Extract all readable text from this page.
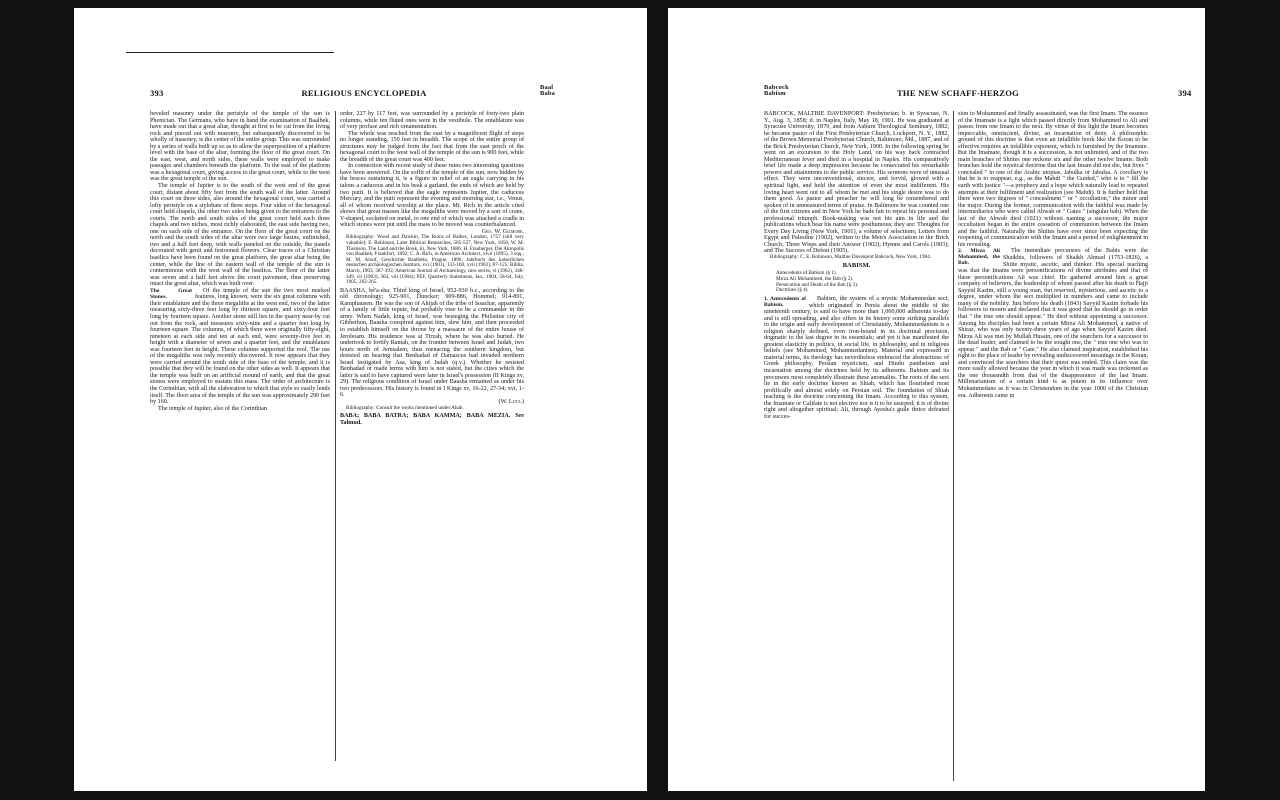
393	RELIGIOUS ENCYCLOPEDIA
Baal
Baba

beveled masonry under the peristyle of the temple of the sun is Phenician. The Germans, who have in hand the examination of Baalbek, have made out that a great altar, thought at first to be cut from the living rock and pieced out with masonry, but subsequently discovered to be wholly of masonry, is the center of the entire group. This was surrounded by a series of walls built up so as to allow the superposition of a platform level with the base of the altar, forming the floor of the great court. On the east, west, and north sides, these walls were employed to make passages and chambers beneath the platform. To the east of the platform was a hexagonal court, giving access to the great court, while to the west was the great temple of the sun.

The temple of Jupiter is to the south of the west end of the great court, distant about fifty feet from the south wall of the latter. Around this court on three sides, also around the hexagonal court, was carried a lofty peristyle on a stylobate of three steps. Four sides of the hexagonal court held chapels, the other two sides being given to the entrances to the courts. The north and south sides of the great court held each three chapels and two niches, most richly elaborated, the east side having two, one on each side of the entrance. On the floor of the great court on the north and the south sides of the altar were two large basins, unfinished, two and a half feet deep, with walls paneled on the outside, the panels decorated with genii and festooned flowers. Clear traces of a Christian basilica have been found on the great platform, the great altar being the center, while the line of the eastern wall of the temple of the sun is conterminous with the west wall of the basilica. The floor of the latter was seven and a half feet above the court pavement, thus preserving intact the great altar, which was built over.

The Great Stones.
Of the temple of the sun the two most marked features, long known, were the six great columns with their entablature and the three megaliths at the west end, two of the latter measuring sixty-three feet long by thirteen square, and sixty-four feet long by fourteen square. Another stone still lies in the quarry near-by cut out from the rock, and measures sixty-nine and a quarter feet long by fourteen square. The columns, of which there were originally fifty-eight, nineteen at each side and ten at each end, were seventy-five feet in height with a diameter of seven and a quarter feet, and the entablature was fourteen feet in height. These columns supported the roof. The use of the megaliths was only recently discovered. It now appears that they were carried around the south side of the base of the temple, and it is possible that they will be found on the other sides as well. It appears that the temple was built on an artificial mound of earth, and that the great stones were employed to sustain this mass. The order of architecture is the Corinthian, with all the elaboration to which that style so easily lends itself. The floor area of the temple of the sun was approximately 290 feet by 160.

The temple of Jupiter, also of the Corinthian

order, 227 by 117 feet, was surrounded by a peristyle of forty-two plain columns, while ten fluted ones were in the vestibule. The entablature was of very profuse and rich ornamentation.

The whole was reached from the east by a magnificent flight of steps no longer standing, 150 feet in breadth. The scope of the entire group of structures may be judged from the fact that from the east porch of the hexagonal court to the west wall of the temple of the sun is 900 feet, while the breadth of the great court was 400 feet.

In connection with recent study of these ruins two interesting questions have been answered. On the soffit of the temple of the sun, now hidden by the braces sustaining it, is a figure in relief of an eagle carrying in his talons a caduceus and in his beak a garland, the ends of which are held by two putti. It is believed that the eagle represents Jupiter, the caduceus Mercury, and the putti represent the evening and morning star, i.e., Venus, all of whom received worship at the place. Mr. Rich in the article cited shows that great masses like the megaliths were moved by a sort of crane, V-shaped, socketed on metal, to one end of which was attached a cradle in which stones were put until the mass to be moved was counterbalanced.

Geo. W. Gilmore.

Bibliography: Wood and Dawkin, The Ruins of Balbec, London, 1757 (still very valuable); E. Robinson, Later Biblical Researches, 505-527, New York, 1856; W. M. Thomson, The Land and the Book, iii, New York, 1886; H. Frauberger, Die Akropolis von Baalbek, Frankfort, 1892; C. A. Rich, in American Architect, xlvii (1895), 3 sqq.; M. M. Alouf, Geschichte Baalbeks, Prague, 1896; Jahrbuch des kaiserlichen deutschen archäologischen Instituts, xvi (1901), 133-160, xvii (1902), 87-125; Biblia, March, 1903, 387-393; American Journal of Archaeology, new series, vi (1902), 348-349, vii (1903), 364, viii (1904); PEF, Quarterly Statements, Jan., 1904, 58-64, July, 1905, 262-265.

BAASHA, bê'a-sha: Third king of Israel, 952-930 b.c., according to the old chronology; 925-901, Duncker; 909-886, Hommel; 914-891, Kamphausen. He was the son of Ahijah of the tribe of Issachar, apparently of a family of little repute, but probably rose to be a commander in the army. When Nadab, king of Israel, was besieging the Philistine city of Gibbethon, Baasha conspired against him, slew him, and then proceeded to establish himself on the throne by a massacre of the entire house of Jeroboam. His residence was at Tirzah, where he was also buried. He undertook to fortify Ramah, on the frontier between Israel and Judah, two hours north of Jerusalem, thus menacing the southern kingdom, but desisted on hearing that Benhadad of Damascus had invaded northern Israel instigated by Asa, king of Judah (q.v.). Whether he resisted Benhadad or made terms with him is not stated, but the cities which the latter is said to have captured were later in Israel's possession (II Kings xv, 29). The religious condition of Israel under Baasha remained as under his two predecessors. His history is found in I Kings xv, 16-22, 27-34; xvi, 1-6.

(W. Lotz.)

Bibliography: Consult the works mentioned under Ahab.

BABA; BABA BATRA; BABA KAMMA; BABA MEZIA. See Talmud.

Babcock
Babism	THE NEW SCHAFF-HERZOG	394

BABCOCK, MALTBIE DAVENPORT: Presbyterian; b. in Syracuse, N. Y., Aug. 3, 1858; d. in Naples, Italy, May 18, 1901. He was graduated at Syracuse University, 1879, and from Auburn Theological Seminary, 1882; he became pastor of the First Presbyterian Church, Lockport, N. Y., 1882, of the Brown Memorial Presbyterian Church, Baltimore, Md., 1887, and of the Brick Presbyterian Church, New York, 1900. In the following spring he went on an excursion to the Holy Land, on his way back contracted Mediterranean fever and died in a hospital in Naples. His comparatively brief life made a deep impression because he consecrated his remarkable powers and attainments to the public service. His sermons were of unusual effect. They were unconventional, sincere, and fervid, glowed with a spiritual light, and held the attention of even the most indifferent. His loving heart went out to all whom he met and his single desire was to do them good. As pastor and preacher he will long be remembered and spoken of in unmeasured terms of praise. In Baltimore he was counted one of the first citizens and in New York he bade fair to repeat his personal and professional triumph. Book-making was not his aim in life and the publications which bear his name were posthumous; they are: Thoughts for Every Day Living (New York, 1901), a volume of selections; Letters from Egypt and Palestine (1902), written to the Men's Association in the Brick Church; Three Wisps and their Answer (1902); Hymns and Carols (1903); and The Success of Defeat (1905).

Bibliography: C. E. Robinson, Maltbie Davenport Babcock, New York, 1904.

BABISM.

Antecedents of Babism (§ 1).

Mirza Ali Mohammed, the Bab (§ 2).

Persecution and Death of the Bab (§ 3).

Doctrines (§ 4).

1. Antecedents of Babism.
Babism, the system of a mystic Mohammedan sect, which originated in Persia about the middle of the nineteenth century, is said to have more than 1,000,000 adherents to-day and is still spreading, and also offers in its history some striking parallels to the origin and early development of Christianity. Mohammedanism is a religion sharply defined, even iron-bound in its doctrinal precision, dogmatic to the last degree in its essentials; and yet it has manifested the greatest elasticity in politics, in social life, in philosophy, and in religious beliefs (see Mohammed, Mohammedanism). Material and expressed in material terms, its theology has nevertheless embraced the abstractions of Greek philosophy, Persian mysticism, and Hindu pantheism and incarnation among the doctrines held by its adherents. Babism and its precursors most completely illustrate these anomalies. The roots of the sect lie in the early doctrine known as Shiah, which has flourished most prolifically and almost solely on Persian soil. The foundation of Shiah teaching is the doctrine concerning the Imam. According to this system, the Imamate or Califate is not elective nor is it to be usurped; it is of divine right and altogether spiritual; Ali, through Ayesha's guile thrice defeated for succes-

sion to Mohammed and finally assassinated, was the first Imam. The essence of the Imamate is a light which passed directly from Mohammed to Ali and passes from one Imam to the next. By virtue of this light the Imam becomes impeccable, omniscient, divine, an incarnation of deity. A philosophic ground of this doctrine is that even an infallible book like the Koran to be effective requires an infallible exponent, which is furnished by the Imamate. But the Imamate, though it is a succession, is not unlimited, and of the two main branches of Shiites one reckons six and the other twelve Imams. Both branches hold the mystical doctrine that the last Imam did not die, but lives " concealed " in one of the Arabic utopias, Jabulka or Jabulsa. A corollary is that he is to reappear, e.g., as the Mahdi " the Guided," who is to " fill the earth with justice "—a prophecy and a hope which naturally lead to repeated attempts at their fulfilment and realization (see Mahdi). It is further held that there were two degrees of " concealment " or " occultation," the minor and the major. During the former, communication with the faithful was made by intermediaries who were called Abwab or " Gates " (singular bab). When the last of the Abwab died (1021) without naming a successor, the major occultation began in the entire cessation of communion between the Imam and the faithful. Naturally the Shiites have ever since been expecting the reopening of communication with the Imam and a period of enlightenment in his revealing.

2. Mirza Ali Mohammed, the Bab.
The immediate precursors of the Babis were the Shaikhis, followers of Shaikh Ahmad (1753-1826), a Shiite mystic, ascetic, and thinker. His special teaching was that the Imams were personifications of divine attributes and that of these personifications Ali was chief. He gathered around him a great company of believers, the leadership of whom passed after his death to Hajji Sayyid Kazim, still a young man, but reserved, mysterious, and ascetic to a degree, under whom the sect multiplied in numbers and came to include many of the nobility. Just before his death (1843) Sayyid Kazim forbade his followers to mourn and declared that it was good that he should go in order that " the true one should appear." He died without appointing a successor. Among his disciples had been a certain Mirza Ali Mohammed, a native of Shiraz, who was only twenty-three years of age when Sayyid Kazim died. Mirza Ali was met by Mullah Husain, one of the searchers for a successor to the dead leader, and claimed to be the sought one, the " true one who was to appear " and the Bab or " Gate." He also claimed inspiration, established his right to the place of leader by revealing undiscovered meanings in the Koran, and convinced the searchers that their quest was ended. This claim was the more easily allowed because the year in which it was made was reckoned as the one thousandth from that of the disappearance of the last Imam. Millenarianism of a certain kind is as potent in its influence over Mohammedans as it was in Christendom in the year 1000 of the Christian era. Adherents came in
